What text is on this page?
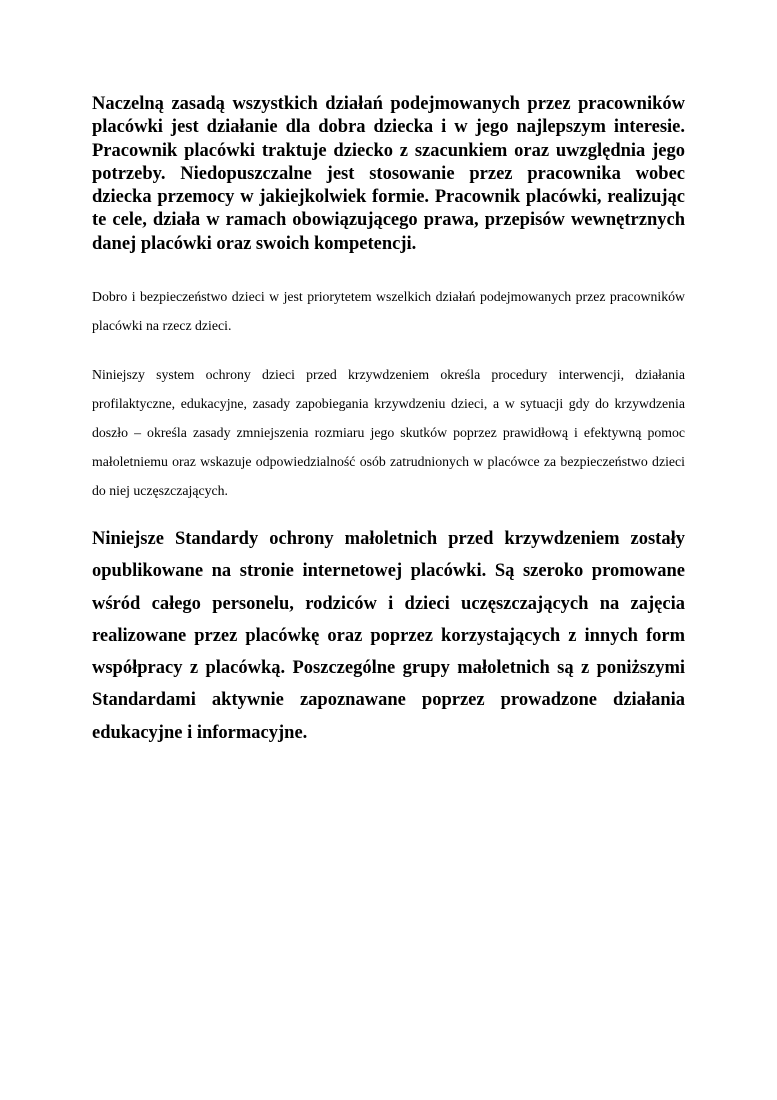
Naczelną zasadą wszystkich działań podejmowanych przez pracowników placówki jest działanie dla dobra dziecka i w jego najlepszym interesie. Pracownik placówki traktuje dziecko z szacunkiem oraz uwzględnia jego potrzeby. Niedopuszczalne jest stosowanie przez pracownika wobec dziecka przemocy w jakiejkolwiek formie. Pracownik placówki, realizując te cele, działa w ramach obowiązującego prawa, przepisów wewnętrznych danej placówki oraz swoich kompetencji.

Dobro i bezpieczeństwo dzieci w jest priorytetem wszelkich działań podejmowanych przez pracowników placówki na rzecz dzieci.

Niniejszy system ochrony dzieci przed krzywdzeniem określa procedury interwencji, działania profilaktyczne, edukacyjne, zasady zapobiegania krzywdzeniu dzieci, a w sytuacji gdy do krzywdzenia doszło – określa zasady zmniejszenia rozmiaru jego skutków poprzez prawidłową i efektywną pomoc małoletniemu oraz wskazuje odpowiedzialność osób zatrudnionych w placówce za bezpieczeństwo dzieci do niej uczęszczających.

Niniejsze Standardy ochrony małoletnich przed krzywdzeniem zostały opublikowane na stronie internetowej placówki. Są szeroko promowane wśród całego personelu, rodziców i dzieci uczęszczających na zajęcia realizowane przez placówkę oraz poprzez korzystających z innych form współpracy z placówką. Poszczególne grupy małoletnich są z poniższymi Standardami aktywnie zapoznawane poprzez prowadzone działania edukacyjne i informacyjne.
